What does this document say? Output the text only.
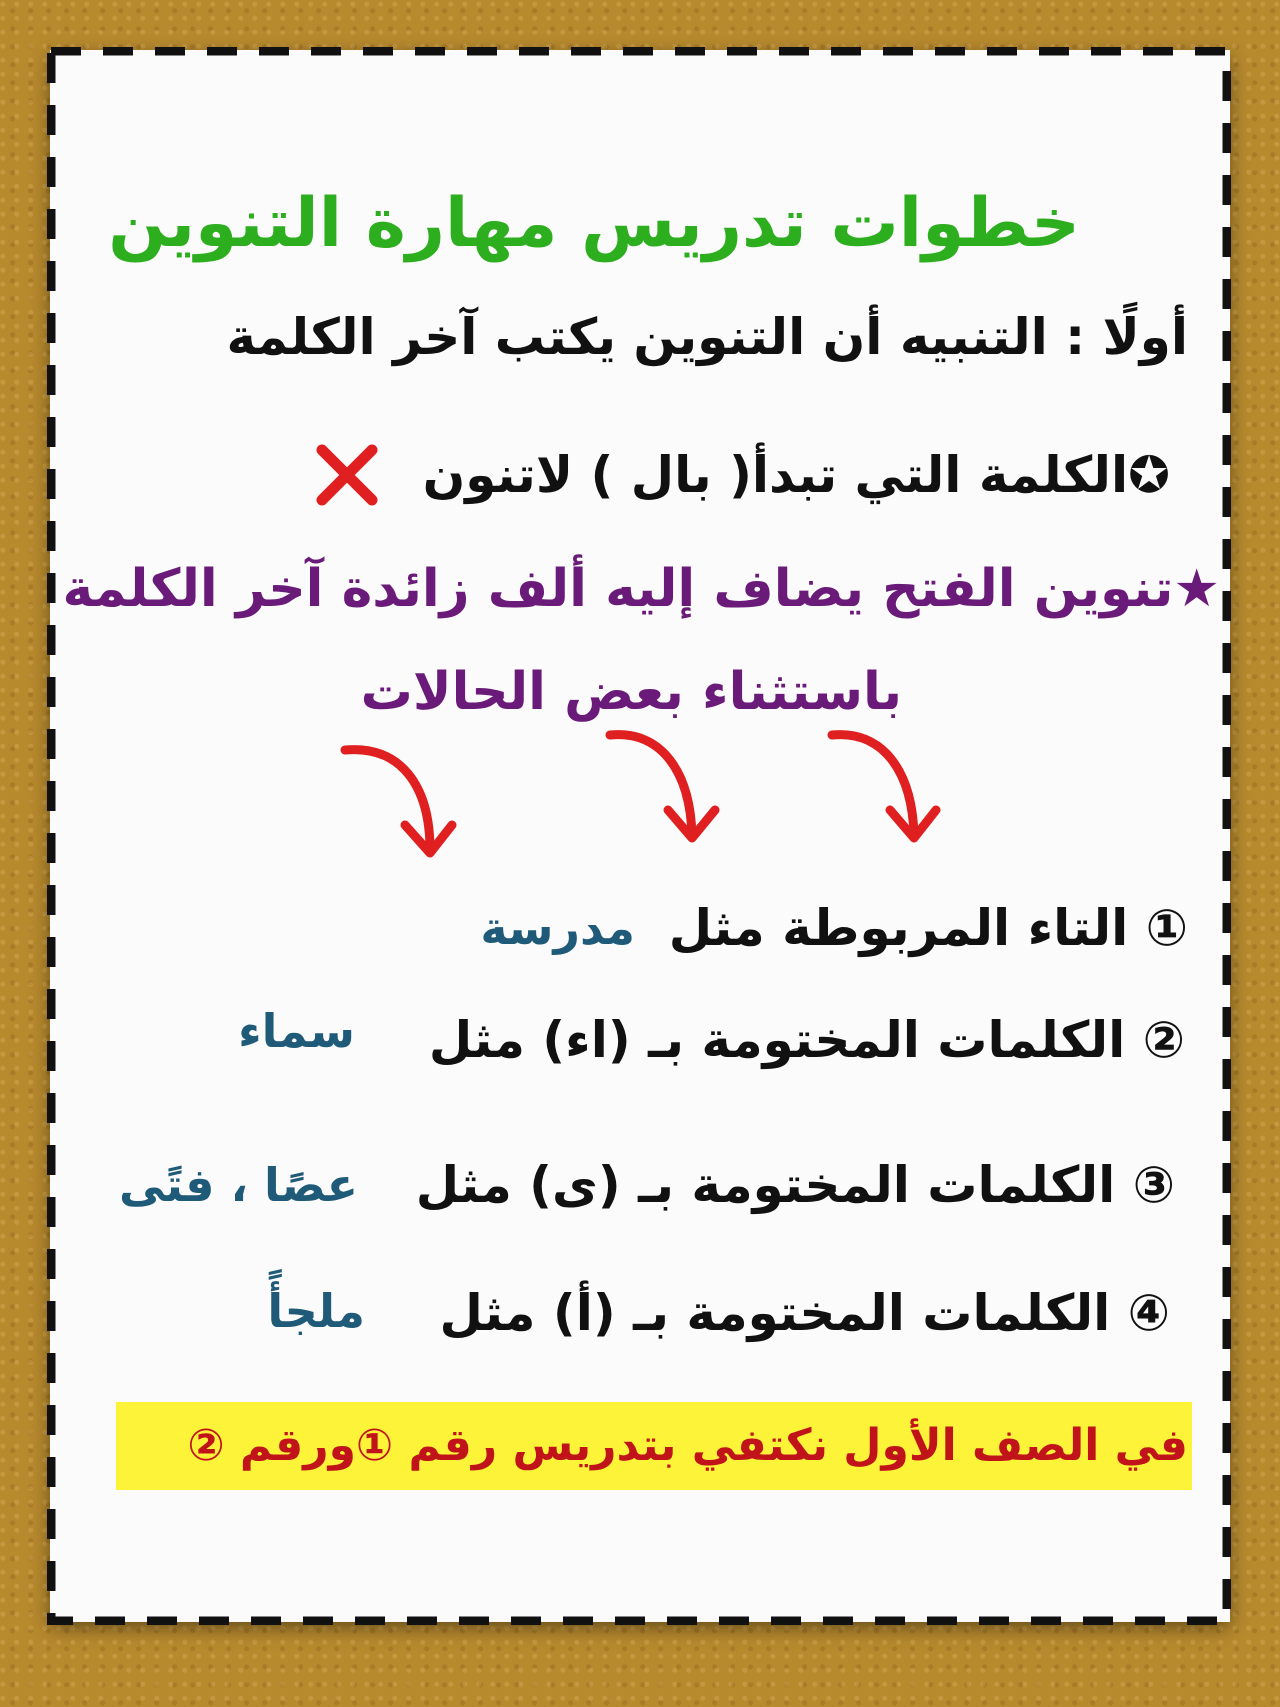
خطوات تدريس مهارة التنوين
أولًا : التنبيه أن التنوين يكتب آخر الكلمة
✪الكلمة التي تبدأ( بال ) لاتنون
★تنوين الفتح يضاف إليه ألف زائدة آخر الكلمة
باستثناء بعض الحالات
① التاء المربوطة مثل
مدرسة
② الكلمات المختومة بـ (اء) مثل
سماء
③ الكلمات المختومة بـ (ى) مثل
عصًا ، فتًى
④ الكلمات المختومة بـ (أ) مثل
ملجأً
في الصف الأول نكتفي بتدريس رقم ①ورقم ②
